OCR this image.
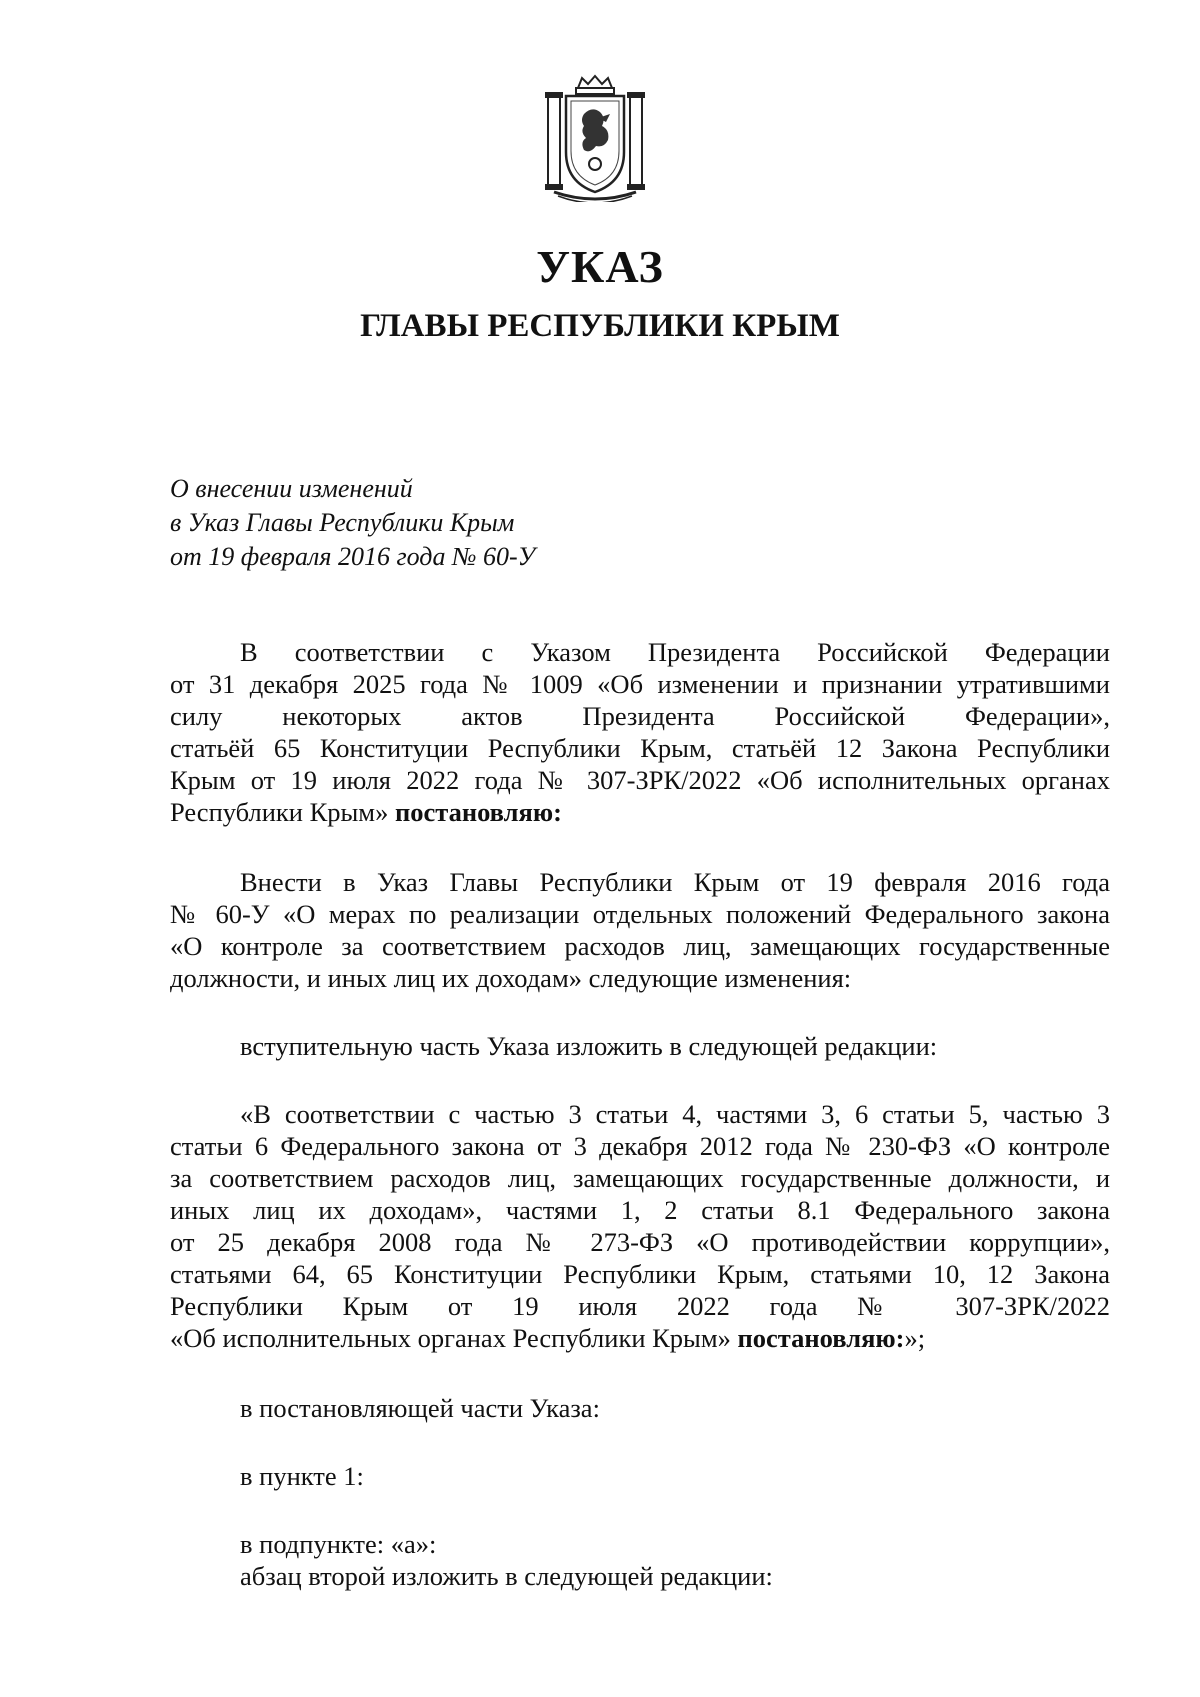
УКАЗ
ГЛАВЫ РЕСПУБЛИКИ КРЫМ
О внесении изменений
в Указ Главы Республики Крым
от 19 февраля 2016 года № 60-У
В соответствии с Указом Президента Российской Федерации
от 31 декабря 2025 года № 1009 «Об изменении и признании утратившими
силу некоторых актов Президента Российской Федерации»,
статьёй 65 Конституции Республики Крым, статьёй 12 Закона Республики
Крым от 19 июля 2022 года № 307-ЗРК/2022 «Об исполнительных органах
Республики Крым» постановляю:
Внести в Указ Главы Республики Крым от 19 февраля 2016 года
№ 60-У «О мерах по реализации отдельных положений Федерального закона
«О контроле за соответствием расходов лиц, замещающих государственные
должности, и иных лиц их доходам» следующие изменения:
вступительную часть Указа изложить в следующей редакции:
«В соответствии с частью 3 статьи 4, частями 3, 6 статьи 5, частью 3
статьи 6 Федерального закона от 3 декабря 2012 года № 230-ФЗ «О контроле
за соответствием расходов лиц, замещающих государственные должности, и
иных лиц их доходам», частями 1, 2 статьи 8.1 Федерального закона
от 25 декабря 2008 года № 273-ФЗ «О противодействии коррупции»,
статьями 64, 65 Конституции Республики Крым, статьями 10, 12 Закона
Республики Крым от 19 июля 2022 года № 307-ЗРК/2022
«Об исполнительных органах Республики Крым» постановляю:»;
в постановляющей части Указа:
в пункте 1:
в подпункте: «а»:
абзац второй изложить в следующей редакции:
